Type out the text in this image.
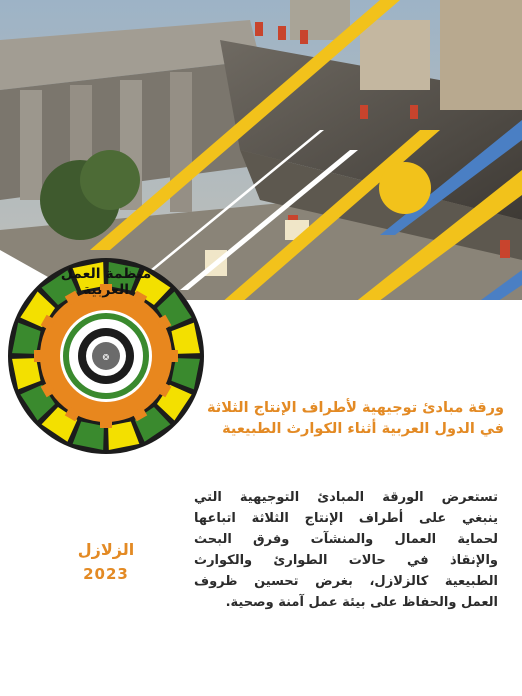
❂
منظمة العمل العربية
ورقة مبادئ توجيهية لأطراف الإنتاج الثلاثة
في الدول العربية أثناء الكوارث الطبيعية
الزلازل
2023
تستعرض الورقة المبادئ التوجيهية التي
ينبغي على أطراف الإنتاج الثلاثة اتباعها
لحماية العمال والمنشآت وفرق البحث
والإنقاذ في حالات الطوارئ والكوارث
الطبيعية كالزلازل، بغرض تحسين ظروف
العمل والحفاظ على بيئة عمل آمنة وصحية.
